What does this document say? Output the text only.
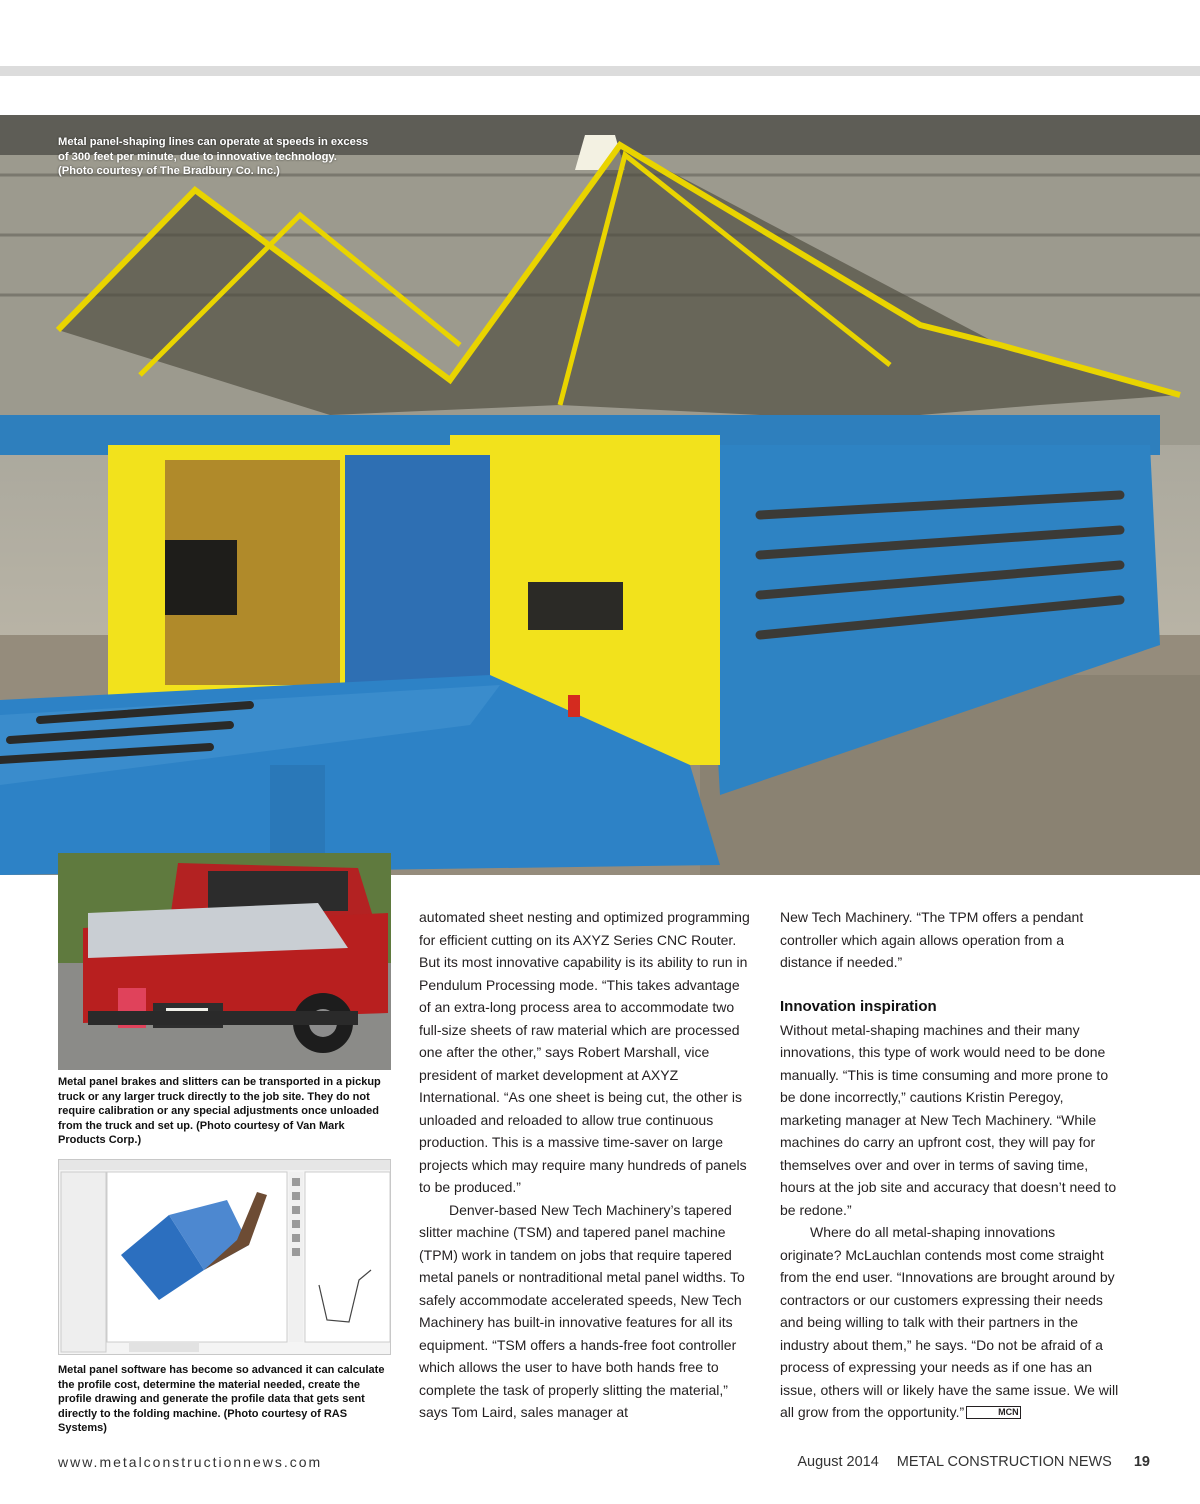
Metal panel-shaping lines can operate at speeds in excess
of 300 feet per minute, due to innovative technology.
(Photo courtesy of The Bradbury Co. Inc.)
Metal panel brakes and slitters can be transported in a pickup truck or any larger truck directly to the job site. They do not require calibration or any special adjustments once unloaded from the truck and set up. (Photo courtesy of Van Mark Products Corp.)
Metal panel software has become so advanced it can calculate the profile cost, determine the material needed, create the profile drawing and generate the profile data that gets sent directly to the folding machine. (Photo courtesy of RAS Systems)

automated sheet nesting and optimized programming for efficient cutting on its AXYZ Series CNC Router. But its most innovative capability is its ability to run in Pendulum Processing mode. “This takes advantage of an extra-long process area to accommodate two full-size sheets of raw material which are processed one after the other,” says Robert Marshall, vice president of market development at AXYZ International. “As one sheet is being cut, the other is unloaded and reloaded to allow true continuous production. This is a massive time-saver on large projects which may require many hundreds of panels to be produced.”

Denver-based New Tech Machinery’s tapered slitter machine (TSM) and tapered panel machine (TPM) work in tandem on jobs that require tapered metal panels or nontraditional metal panel widths. To safely accommodate accelerated speeds, New Tech Machinery has built-in innovative features for all its equipment. “TSM offers a hands-free foot controller which allows the user to have both hands free to complete the task of properly slitting the material,” says Tom Laird, sales manager at

New Tech Machinery. “The TPM offers a pendant controller which again allows operation from a distance if needed.”

Innovation inspiration

Without metal-shaping machines and their many innovations, this type of work would need to be done manually. “This is time consuming and more prone to be done incorrectly,” cautions Kristin Peregoy, marketing manager at New Tech Machinery. “While machines do carry an upfront cost, they will pay for themselves over and over in terms of saving time, hours at the job site and accuracy that doesn’t need to be redone.”

Where do all metal-shaping innovations originate? McLauchlan contends most come straight from the end user. “Innovations are brought around by contractors or our customers expressing their needs and being willing to talk with their partners in the industry about them,” he says. “Do not be afraid of a process of expressing your needs as if one has an issue, others will or likely have the same issue. We will all grow from the opportunity.”	MCN

www.metalconstructionnews.com	August 2014 METAL CONSTRUCTION NEWS 19
